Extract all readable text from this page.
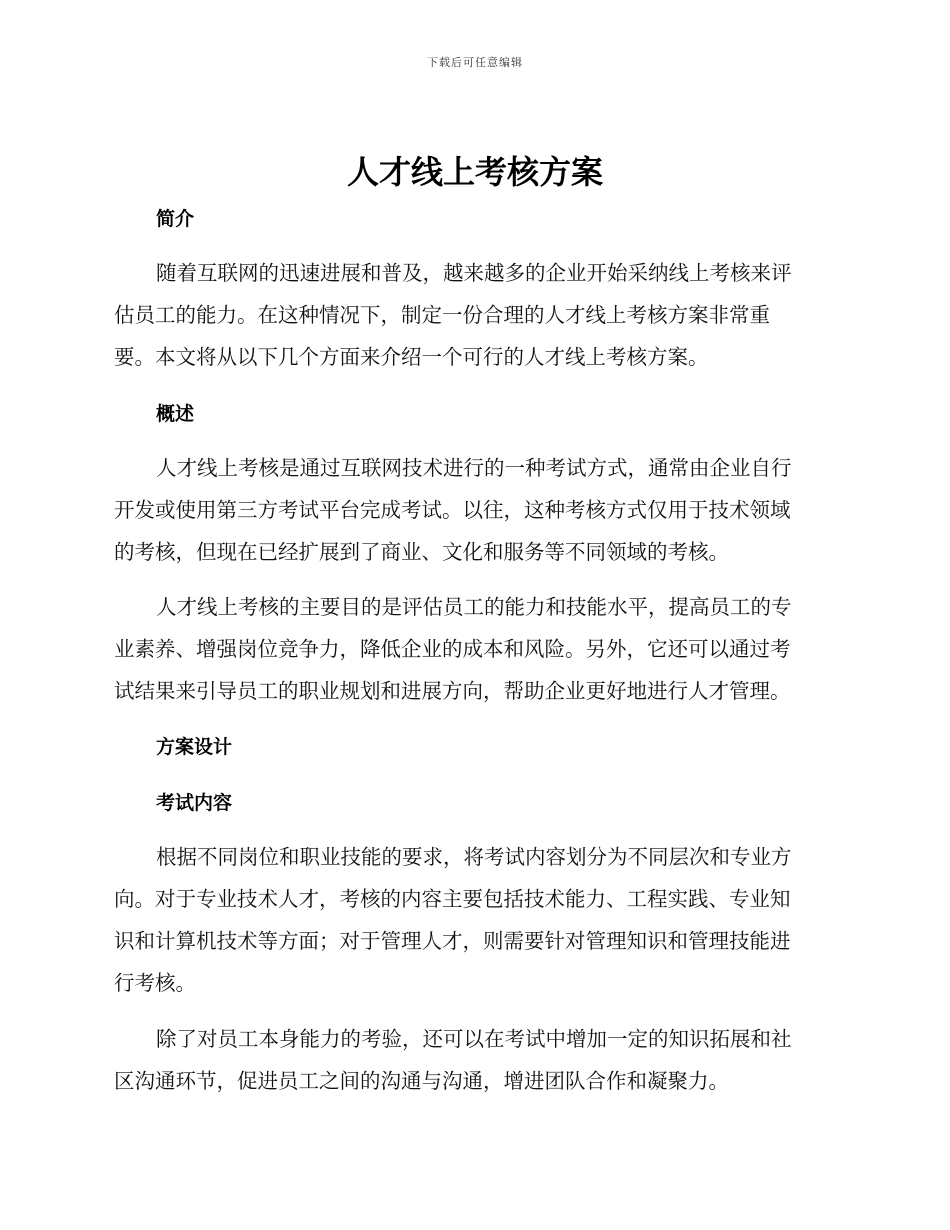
下载后可任意编辑
人才线上考核方案
简介
随着互联网的迅速进展和普及，越来越多的企业开始采纳线上考核来评
估员工的能力。在这种情况下，制定一份合理的人才线上考核方案非常重
要。本文将从以下几个方面来介绍一个可行的人才线上考核方案。
概述
人才线上考核是通过互联网技术进行的一种考试方式，通常由企业自行
开发或使用第三方考试平台完成考试。以往，这种考核方式仅用于技术领域
的考核，但现在已经扩展到了商业、文化和服务等不同领域的考核。
人才线上考核的主要目的是评估员工的能力和技能水平，提高员工的专
业素养、增强岗位竞争力，降低企业的成本和风险。另外，它还可以通过考
试结果来引导员工的职业规划和进展方向，帮助企业更好地进行人才管理。
方案设计
考试内容
根据不同岗位和职业技能的要求，将考试内容划分为不同层次和专业方
向。对于专业技术人才，考核的内容主要包括技术能力、工程实践、专业知
识和计算机技术等方面；对于管理人才，则需要针对管理知识和管理技能进
行考核。
除了对员工本身能力的考验，还可以在考试中增加一定的知识拓展和社
区沟通环节，促进员工之间的沟通与沟通，增进团队合作和凝聚力。
